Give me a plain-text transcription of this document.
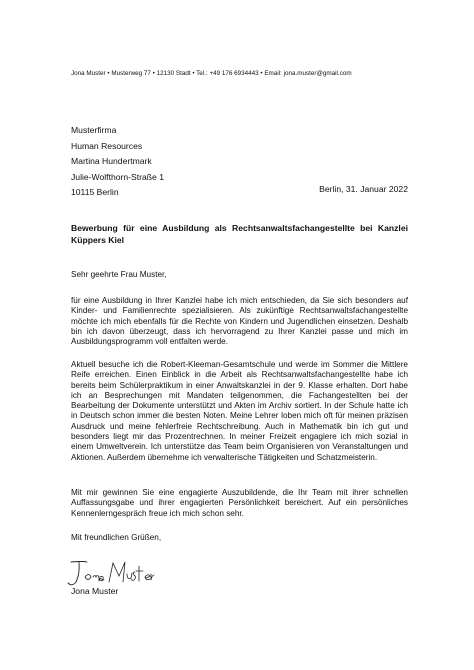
Jona Muster • Musterweg 77 • 12130 Stadt • Tel.: +49 176 6934443 • Email: jona.muster@gmail.com
Musterfirma
Human Resources
Martina Hundertmark
Julie-Wolfthorn-Straße 1
10115 Berlin	Berlin, 31. Januar 2022
Bewerbung für eine Ausbildung als Rechtsanwaltsfachangestellte bei Kanzlei Küppers Kiel
Sehr geehrte Frau Muster,
für eine Ausbildung in Ihrer Kanzlei habe ich mich entschieden, da Sie sich besonders auf Kinder- und Familienrechte spezialisieren. Als zukünftige Rechtsanwaltsfachangestellte möchte ich mich ebenfalls für die Rechte von Kindern und Jugendlichen einsetzen. Deshalb bin ich davon überzeugt, dass ich hervorragend zu Ihrer Kanzlei passe und mich im Ausbildungsprogramm voll entfalten werde.
Aktuell besuche ich die Robert-Kleeman-Gesamtschule und werde im Sommer die Mittlere Reife erreichen. Einen Einblick in die Arbeit als Rechtsanwaltsfachangestellte habe ich bereits beim Schülerpraktikum in einer Anwaltskanzlei in der 9. Klasse erhalten. Dort habe ich an Besprechungen mit Mandaten teilgenommen, die Fachangestellten bei der Bearbeitung der Dokumente unterstützt und Akten im Archiv sortiert. In der Schule hatte ich in Deutsch schon immer die besten Noten. Meine Lehrer loben mich oft für meinen präzisen Ausdruck und meine fehlerfreie Rechtschreibung. Auch in Mathematik bin ich gut und besonders liegt mir das Prozentrechnen. In meiner Freizeit engagiere ich mich sozial in einem Umweltverein. Ich unterstütze das Team beim Organisieren von Veranstaltungen und Aktionen. Außerdem übernehme ich verwalterische Tätigkeiten und Schatzmeisterin.
Mit mir gewinnen Sie eine engagierte Auszubildende, die Ihr Team mit ihrer schnellen Auffassungsgabe und ihrer engagierten Persönlichkeit bereichert. Auf ein persönliches Kennenlerngespräch freue ich mich schon sehr.
Mit freundlichen Grüßen,
Jona Muster
